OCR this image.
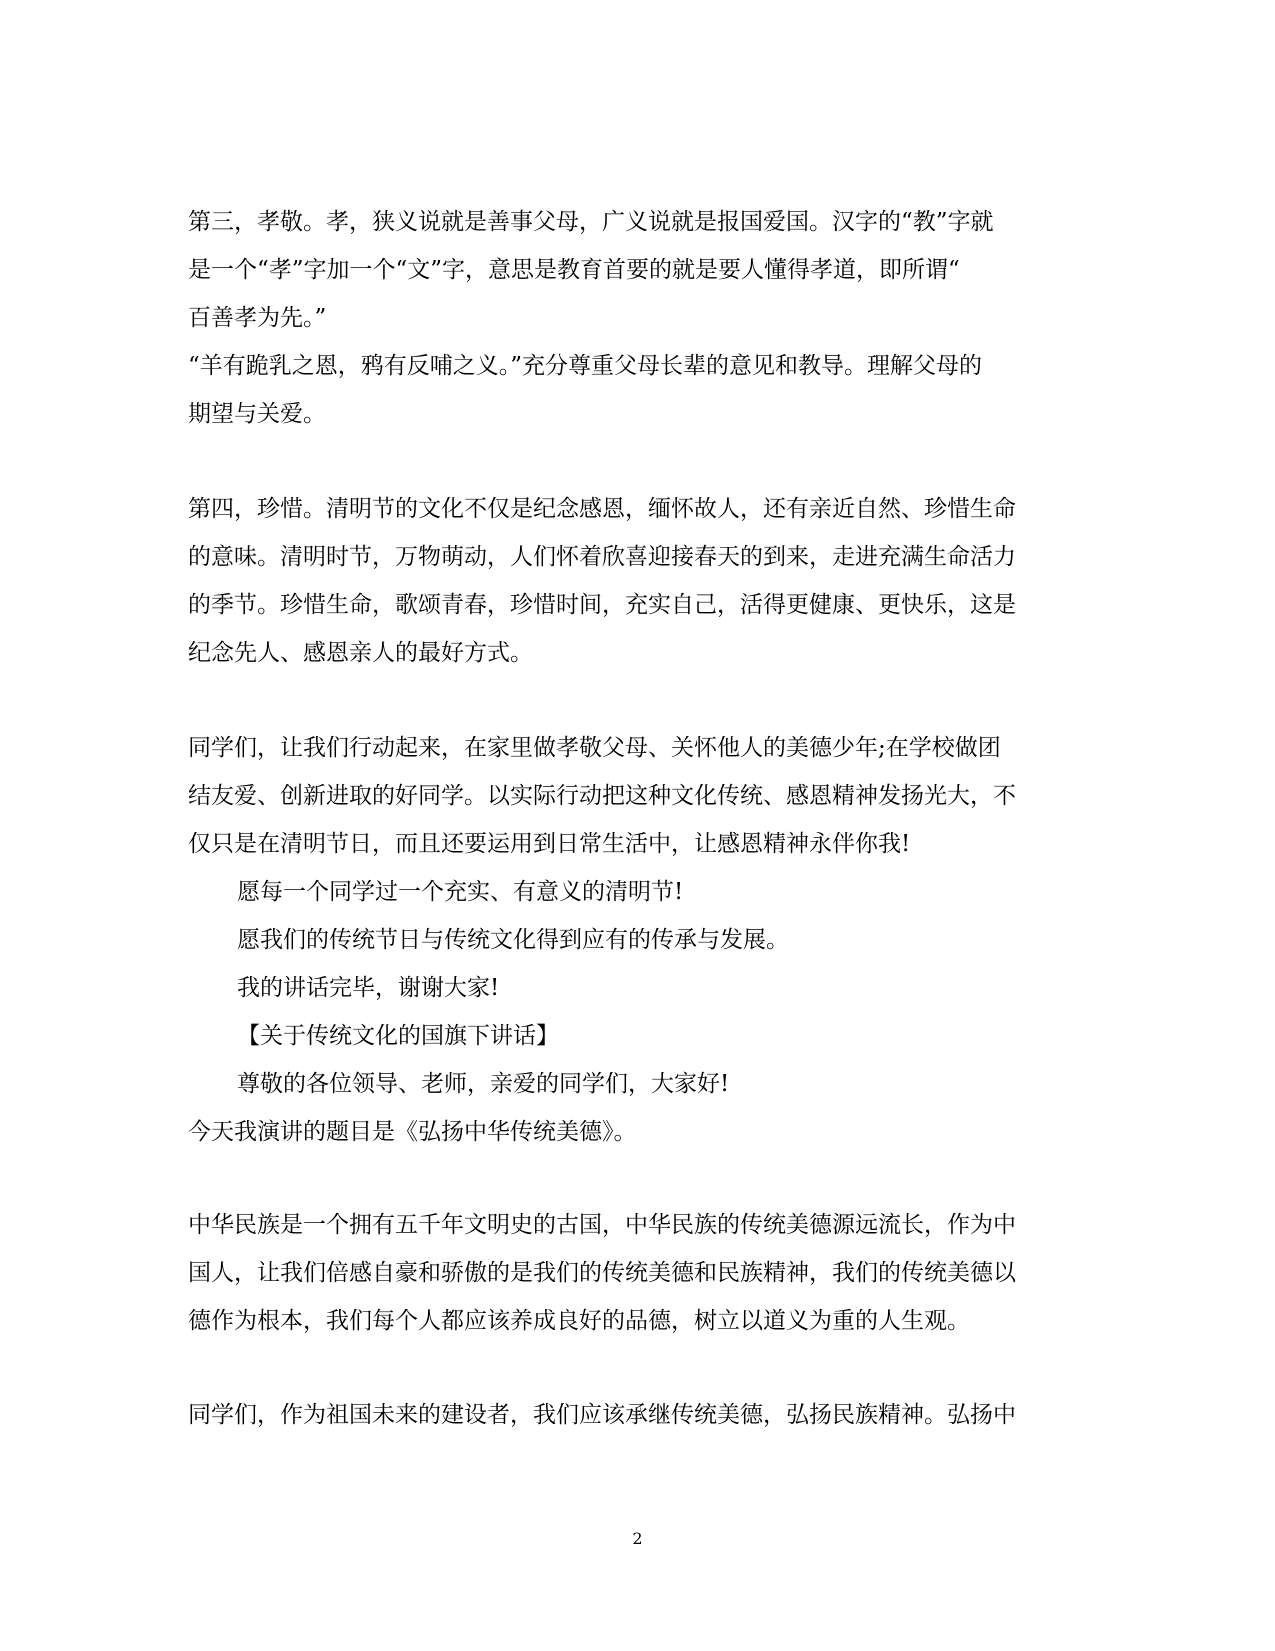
第三，孝敬。孝，狭义说就是善事父母，广义说就是报国爱国。汉字的“教”字就
是一个“孝”字加一个“文”字，意思是教育首要的就是要人懂得孝道，即所谓“
百善孝为先。”
“羊有跪乳之恩，鸦有反哺之义。”充分尊重父母长辈的意见和教导。理解父母的
期望与关爱。
第四，珍惜。清明节的文化不仅是纪念感恩，缅怀故人，还有亲近自然、珍惜生命
的意味。清明时节，万物萌动，人们怀着欣喜迎接春天的到来，走进充满生命活力
的季节。珍惜生命，歌颂青春，珍惜时间，充实自己，活得更健康、更快乐，这是
纪念先人、感恩亲人的最好方式。
同学们，让我们行动起来，在家里做孝敬父母、关怀他人的美德少年;在学校做团
结友爱、创新进取的好同学。以实际行动把这种文化传统、感恩精神发扬光大，不
仅只是在清明节日，而且还要运用到日常生活中，让感恩精神永伴你我!
愿每一个同学过一个充实、有意义的清明节!
愿我们的传统节日与传统文化得到应有的传承与发展。
我的讲话完毕，谢谢大家!
【关于传统文化的国旗下讲话】
尊敬的各位领导、老师，亲爱的同学们，大家好!
今天我演讲的题目是《弘扬中华传统美德》。
中华民族是一个拥有五千年文明史的古国，中华民族的传统美德源远流长，作为中
国人，让我们倍感自豪和骄傲的是我们的传统美德和民族精神，我们的传统美德以
德作为根本，我们每个人都应该养成良好的品德，树立以道义为重的人生观。
同学们，作为祖国未来的建设者，我们应该承继传统美德，弘扬民族精神。弘扬中
2
